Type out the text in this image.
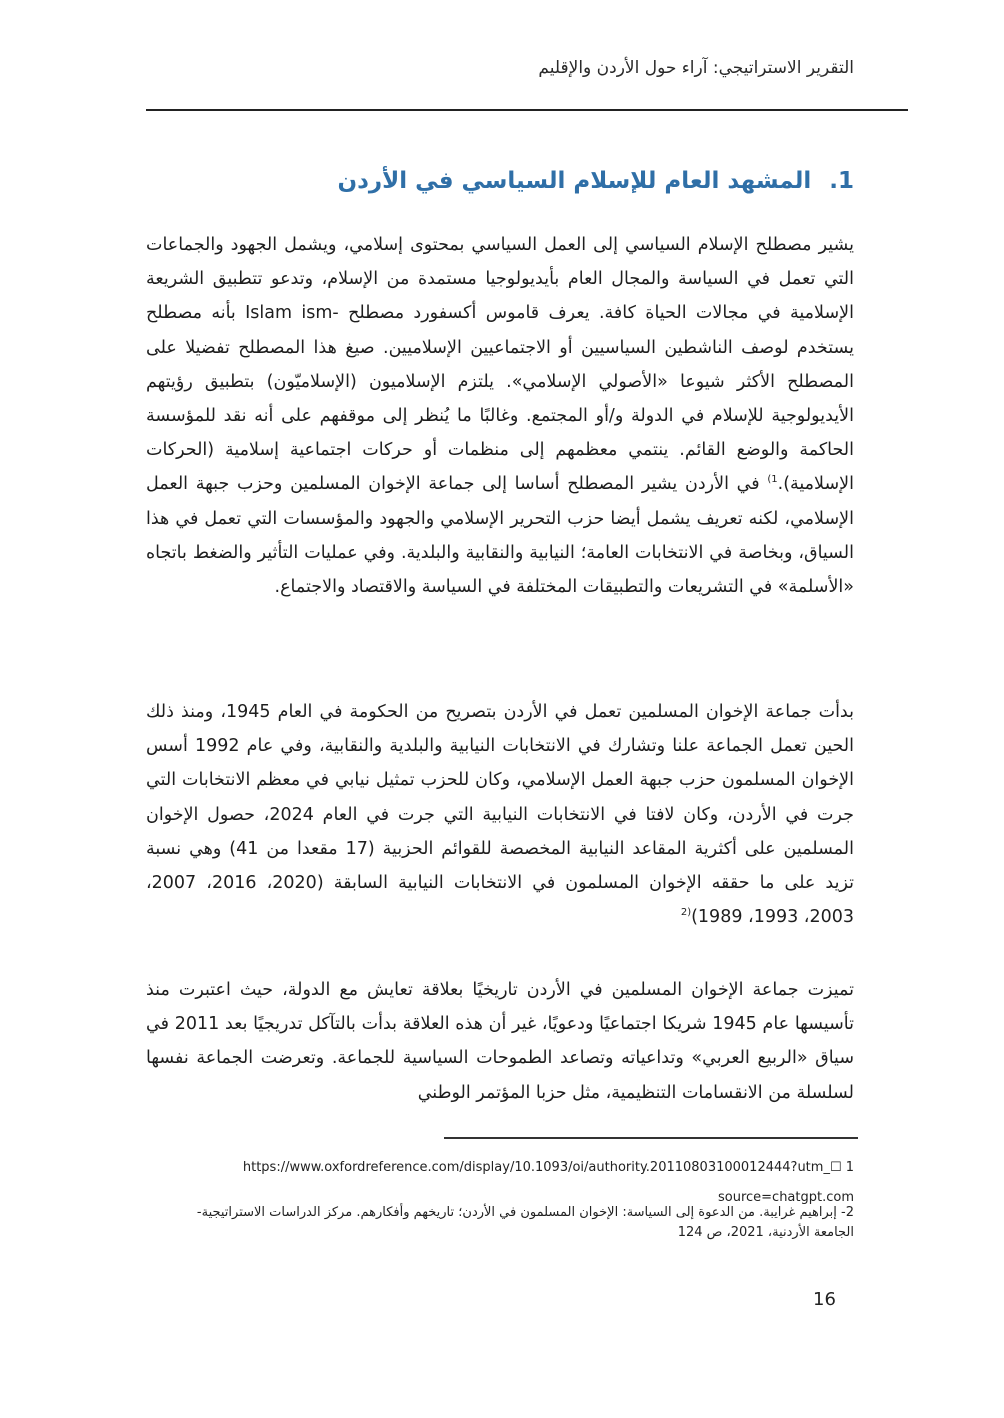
التقرير الاستراتيجي: آراء حول الأردن والإقليم
1.المشهد العام للإسلام السياسي في الأردن

يشير مصطلح الإسلام السياسي إلى العمل السياسي بمحتوى إسلامي، ويشمل الجهود والجماعات التي تعمل في السياسة والمجال العام بأيديولوجيا مستمدة من الإسلام، وتدعو تتطبيق الشريعة الإسلامية في مجالات الحياة كافة. يعرف قاموس أكسفورد مصطلح -Islam ism بأنه مصطلح يستخدم لوصف الناشطين السياسيين أو الاجتماعيين الإسلاميين. صيغ هذا المصطلح تفضيلا على المصطلح الأكثر شيوعا «الأصولي الإسلامي». يلتزم الإسلاميون (الإسلاميّون) بتطبيق رؤيتهم الأيديولوجية للإسلام في الدولة و/أو المجتمع. وغالبًا ما يُنظر إلى موقفهم على أنه نقد للمؤسسة الحاكمة والوضع القائم. ينتمي معظمهم إلى منظمات أو حركات اجتماعية إسلامية (الحركات الإسلامية).$^{1)}$ في الأردن يشير المصطلح أساسا إلى جماعة الإخوان المسلمين وحزب جبهة العمل الإسلامي، لكنه تعريف يشمل أيضا حزب التحرير الإسلامي والجهود والمؤسسات التي تعمل في هذا السياق، وبخاصة في الانتخابات العامة؛ النيابية والنقابية والبلدية. وفي عمليات التأثير والضغط باتجاه «الأسلمة» في التشريعات والتطبيقات المختلفة في السياسة والاقتصاد والاجتماع.

بدأت جماعة الإخوان المسلمين تعمل في الأردن بتصريح من الحكومة في العام 1945، ومنذ ذلك الحين تعمل الجماعة علنا وتشارك في الانتخابات النيابية والبلدية والنقابية، وفي عام 1992 أسس الإخوان المسلمون حزب جبهة العمل الإسلامي، وكان للحزب تمثيل نيابي في معظم الانتخابات التي جرت في الأردن، وكان لافتا في الانتخابات النيابية التي جرت في العام 2024، حصول الإخوان المسلمين على أكثرية المقاعد النيابية المخصصة للقوائم الحزبية (17 مقعدا من 41) وهي نسبة تزيد على ما حققه الإخوان المسلمون في الانتخابات النيابية السابقة (2020، 2016، 2007، 2003، 1993، 1989)$^{(2}$

تميزت جماعة الإخوان المسلمين في الأردن تاريخيًا بعلاقة تعايش مع الدولة، حيث اعتبرت منذ تأسيسها عام 1945 شريكا اجتماعيًا ودعويًا، غير أن هذه العلاقة بدأت بالتآكل تدريجيًا بعد 2011 في سياق «الربيع العربي» وتداعياته وتصاعد الطموحات السياسية للجماعة. وتعرضت الجماعة نفسها لسلسلة من الانقسامات التنظيمية، مثل حزبا المؤتمر الوطني

https://www.oxfordreference.com/display/10.1093/oi/authority.20110803100012444?utm_☐ 1
source=chatgpt.com
2- إبراهيم غرايبة. من الدعوة إلى السياسة: الإخوان المسلمون في الأردن؛ تاريخهم وأفكارهم. مركز الدراسات الاستراتيجية- الجامعة الأردنية، 2021، ص 124
16
